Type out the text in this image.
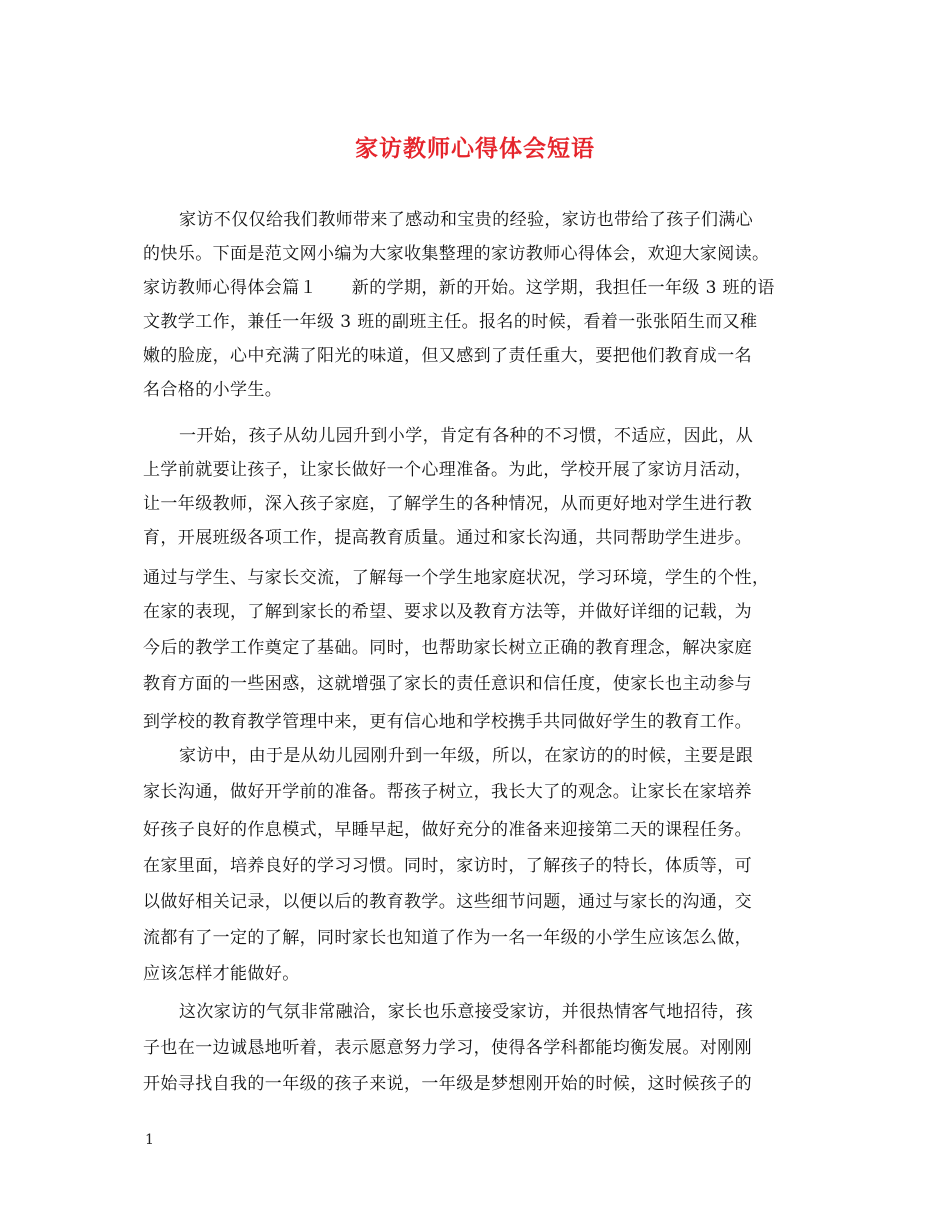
家访教师心得体会短语
家访不仅仅给我们教师带来了感动和宝贵的经验，家访也带给了孩子们满心
的快乐。下面是范文网小编为大家收集整理的家访教师心得体会，欢迎大家阅读。
家访教师心得体会篇１　　新的学期，新的开始。这学期，我担任一年级 3 班的语
文教学工作，兼任一年级 3 班的副班主任。报名的时候，看着一张张陌生而又稚
嫩的脸庞，心中充满了阳光的味道，但又感到了责任重大，要把他们教育成一名
名合格的小学生。
一开始，孩子从幼儿园升到小学，肯定有各种的不习惯，不适应，因此，从
上学前就要让孩子，让家长做好一个心理准备。为此，学校开展了家访月活动，
让一年级教师，深入孩子家庭，了解学生的各种情况，从而更好地对学生进行教
育，开展班级各项工作，提高教育质量。通过和家长沟通，共同帮助学生进步。
通过与学生、与家长交流，了解每一个学生地家庭状况，学习环境，学生的个性，
在家的表现，了解到家长的希望、要求以及教育方法等，并做好详细的记载，为
今后的教学工作奠定了基础。同时，也帮助家长树立正确的教育理念，解决家庭
教育方面的一些困惑，这就增强了家长的责任意识和信任度，使家长也主动参与
到学校的教育教学管理中来，更有信心地和学校携手共同做好学生的教育工作。
家访中，由于是从幼儿园刚升到一年级，所以，在家访的的时候，主要是跟
家长沟通，做好开学前的准备。帮孩子树立，我长大了的观念。让家长在家培养
好孩子良好的作息模式，早睡早起，做好充分的准备来迎接第二天的课程任务。
在家里面，培养良好的学习习惯。同时，家访时，了解孩子的特长，体质等，可
以做好相关记录，以便以后的教育教学。这些细节问题，通过与家长的沟通，交
流都有了一定的了解，同时家长也知道了作为一名一年级的小学生应该怎么做，
应该怎样才能做好。
这次家访的气氛非常融洽，家长也乐意接受家访，并很热情客气地招待，孩
子也在一边诚恳地听着，表示愿意努力学习，使得各学科都能均衡发展。对刚刚
开始寻找自我的一年级的孩子来说，一年级是梦想刚开始的时候，这时候孩子的
1
